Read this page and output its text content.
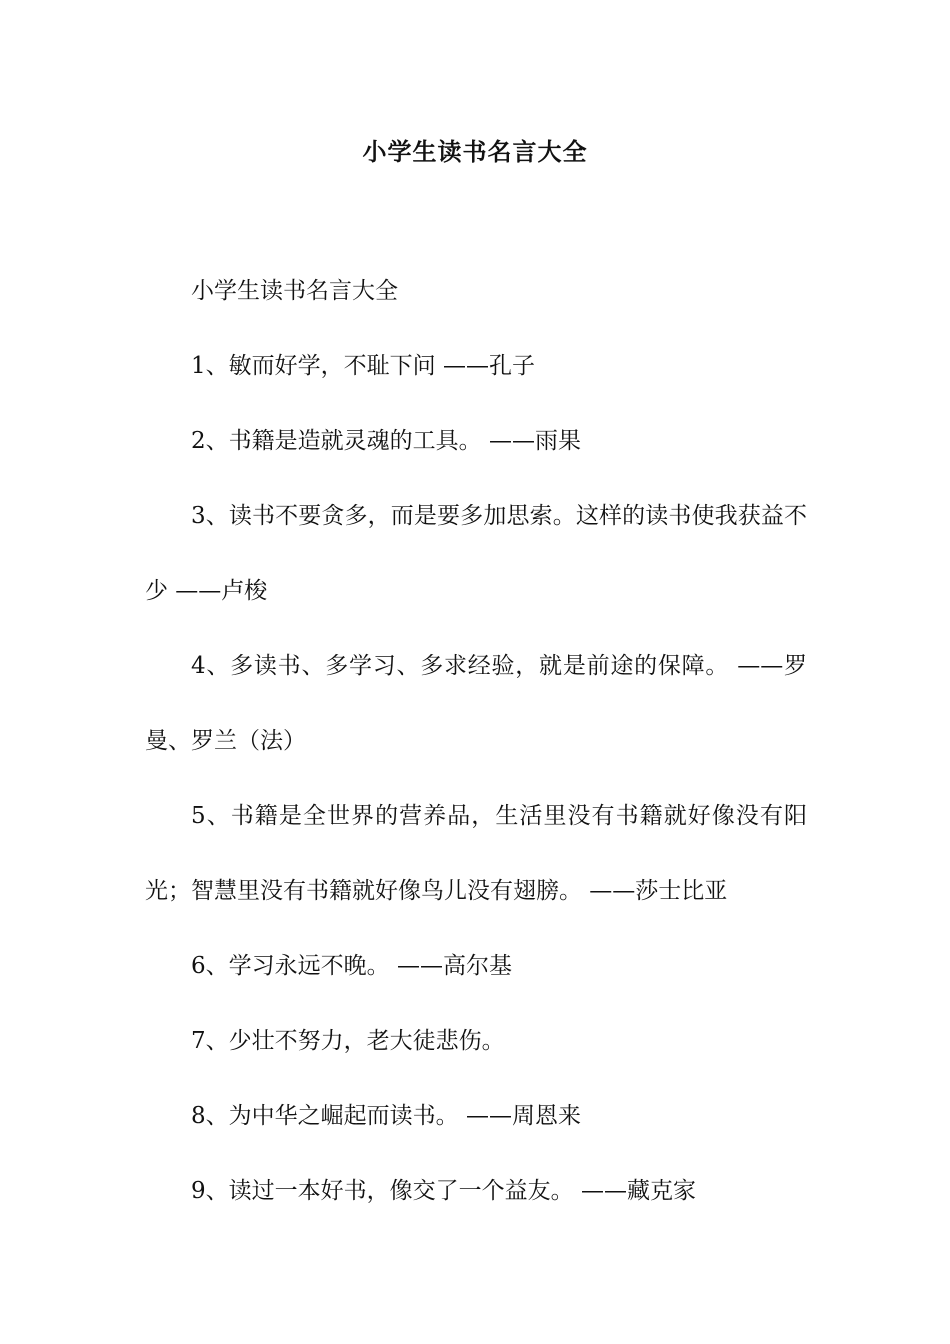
小学生读书名言大全

小学生读书名言大全

1、敏而好学，不耻下问 ——孔子

2、书籍是造就灵魂的工具。 ——雨果

3、读书不要贪多，而是要多加思索。这样的读书使我获益不少 ——卢梭

4、多读书、多学习、多求经验，就是前途的保障。 ——罗曼、罗兰（法）

5、书籍是全世界的营养品，生活里没有书籍就好像没有阳光；智慧里没有书籍就好像鸟儿没有翅膀。 ——莎士比亚

6、学习永远不晚。 ——高尔基

7、少壮不努力，老大徒悲伤。

8、为中华之崛起而读书。 ——周恩来

9、读过一本好书，像交了一个益友。 ——藏克家
